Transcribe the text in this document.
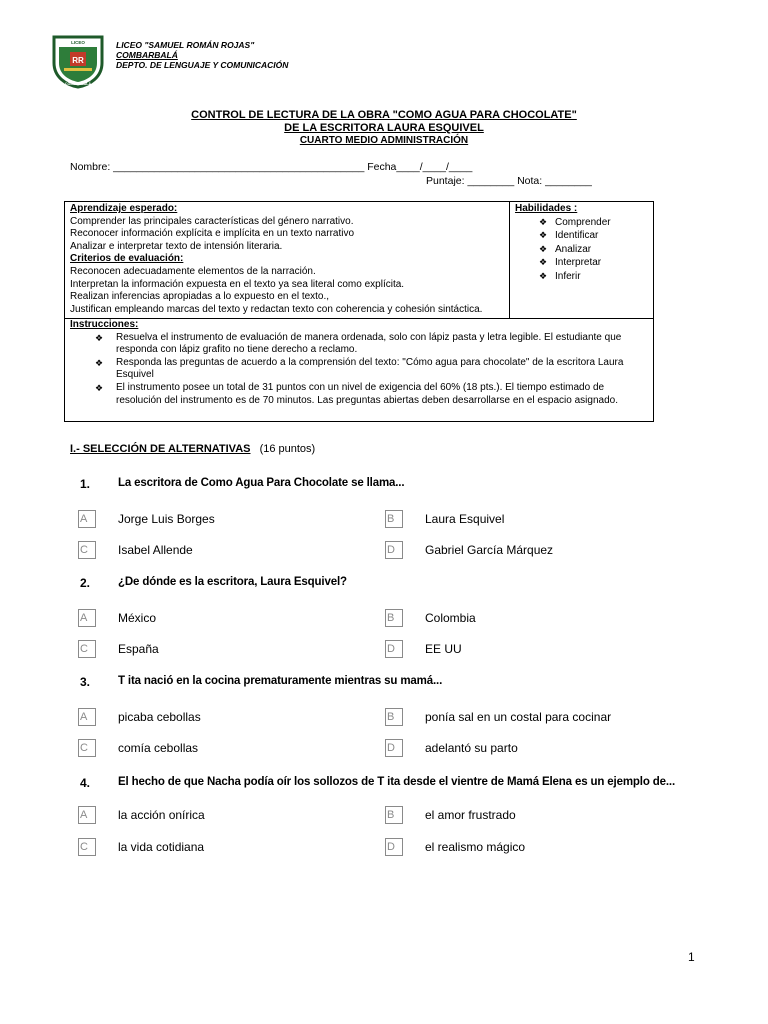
RR
LICEO
COMBARBALÁ
LICEO "SAMUEL ROMÁN ROJAS"
COMBARBALÁ
DEPTO. DE LENGUAJE Y COMUNICACIÓN
CONTROL DE LECTURA DE LA OBRA "COMO AGUA PARA CHOCOLATE"
DE LA ESCRITORA LAURA ESQUIVEL
CUARTO MEDIO ADMINISTRACIÓN
Nombre: ___________________________________________ Fecha____/____/____
Puntaje: ________ Nota: ________
Aprendizaje esperado:
Comprender las principales características del género narrativo.
Reconocer información explícita e implícita en un texto narrativo
Analizar e interpretar texto de intensión literaria.
Criterios de evaluación:
Reconocen adecuadamente elementos de la narración.
Interpretan la información expuesta en el texto ya sea literal como explícita.
Realizan inferencias apropiadas a lo expuesto en el texto.,
Justifican empleando marcas del texto y redactan texto con coherencia y cohesión sintáctica.
Habilidades :
❖ Comprender
❖ Identificar
❖ Analizar
❖ Interpretar
❖ Inferir
Instrucciones:
❖	Resuelva el instrumento de evaluación de manera ordenada, solo con lápiz pasta y letra legible. El estudiante que responda con lápiz grafito no tiene derecho a reclamo.
❖	Responda las preguntas de acuerdo a la comprensión del texto: "Cómo agua para chocolate" de la escritora Laura Esquivel
❖	El instrumento posee un total de 31 puntos con un nivel de exigencia del 60% (18 pts.). El tiempo estimado de resolución del instrumento es de 70 minutos. Las preguntas abiertas deben desarrollarse en el espacio asignado.
I.- SELECCIÓN DE ALTERNATIVAS (16 puntos)
1. La escritora de Como Agua Para Chocolate se llama...
A	Jorge Luis Borges	B	Laura Esquivel
C	Isabel Allende	D	Gabriel García Márquez
2. ¿De dónde es la escritora, Laura Esquivel?
A	México	B	Colombia
C	España	D	EE UU
3. T ita nació en la cocina prematuramente mientras su mamá...
A	picaba cebollas	B	ponía sal en un costal para cocinar
C	comía cebollas	D	adelantó su parto
4. El hecho de que Nacha podía oír los sollozos de T ita desde el vientre de Mamá Elena es un ejemplo de...
A	la acción onírica	B	el amor frustrado
C	la vida cotidiana	D	el realismo mágico
1
